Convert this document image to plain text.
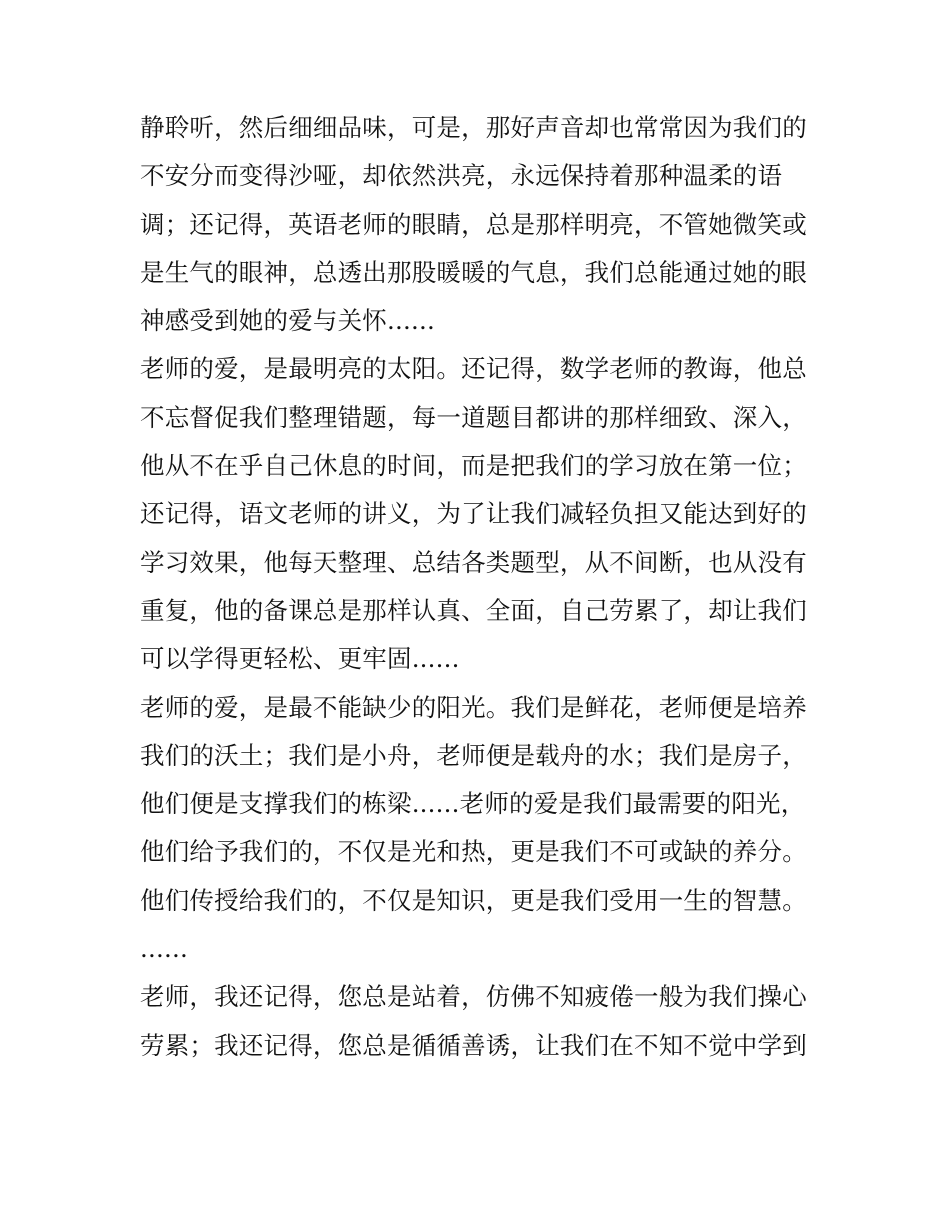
静聆听，然后细细品味，可是，那好声音却也常常因为我们的
不安分而变得沙哑，却依然洪亮，永远保持着那种温柔的语
调；还记得，英语老师的眼睛，总是那样明亮，不管她微笑或
是生气的眼神，总透出那股暖暖的气息，我们总能通过她的眼
神感受到她的爱与关怀......
老师的爱，是最明亮的太阳。还记得，数学老师的教诲，他总
不忘督促我们整理错题，每一道题目都讲的那样细致、深入，
他从不在乎自己休息的时间，而是把我们的学习放在第一位；
还记得，语文老师的讲义，为了让我们减轻负担又能达到好的
学习效果，他每天整理、总结各类题型，从不间断，也从没有
重复，他的备课总是那样认真、全面，自己劳累了，却让我们
可以学得更轻松、更牢固......
老师的爱，是最不能缺少的阳光。我们是鲜花，老师便是培养
我们的沃土；我们是小舟，老师便是载舟的水；我们是房子，
他们便是支撑我们的栋梁......老师的爱是我们最需要的阳光，
他们给予我们的，不仅是光和热，更是我们不可或缺的养分。
他们传授给我们的，不仅是知识，更是我们受用一生的智慧。
......
老师，我还记得，您总是站着，仿佛不知疲倦一般为我们操心
劳累；我还记得，您总是循循善诱，让我们在不知不觉中学到
